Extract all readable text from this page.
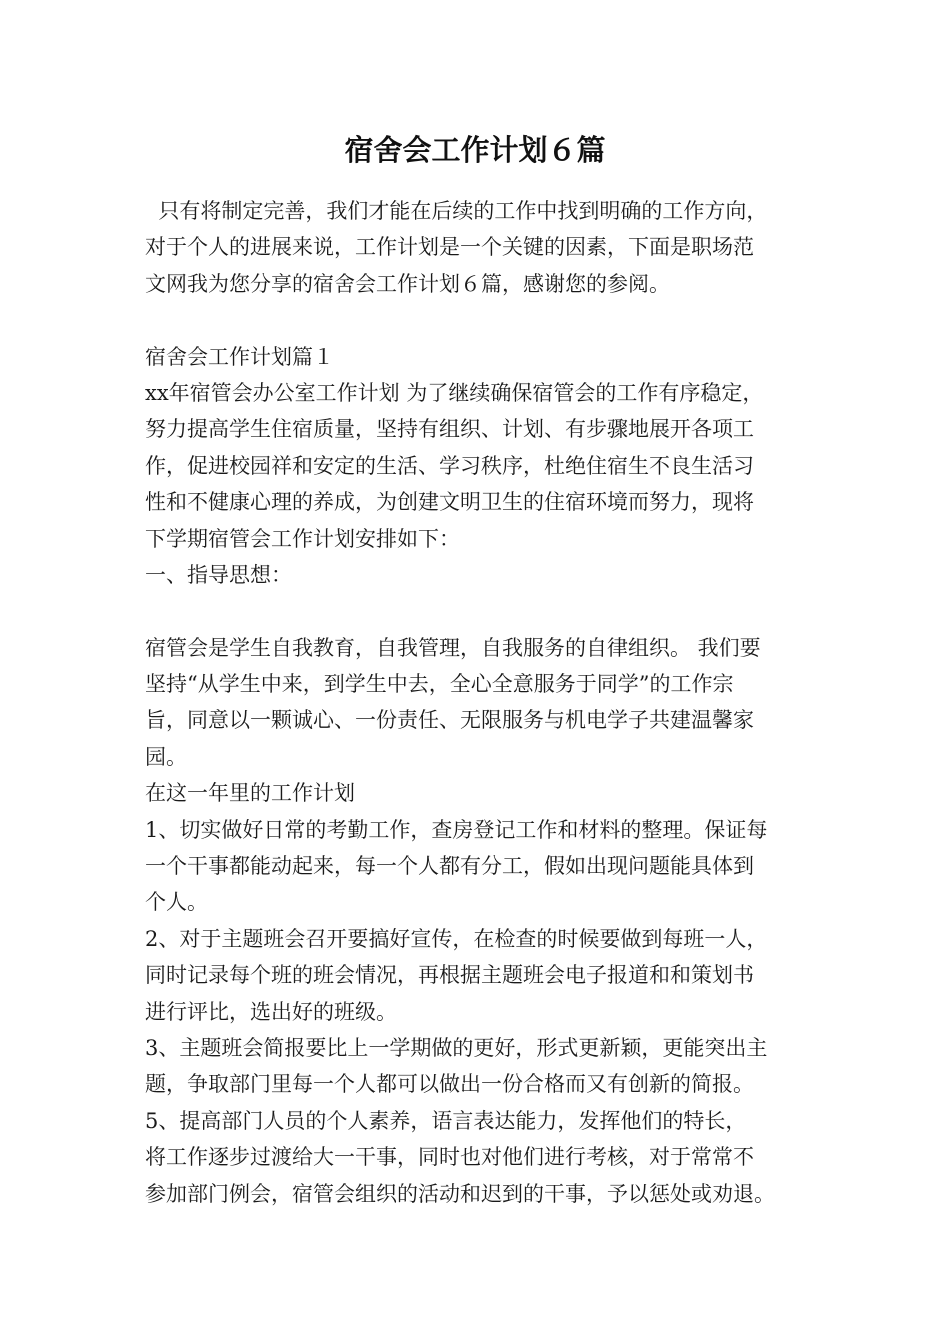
宿舍会工作计划６篇
只有将制定完善，我们才能在后续的工作中找到明确的工作方向，
对于个人的进展来说，工作计划是一个关键的因素，下面是职场范
文网我为您分享的宿舍会工作计划６篇，感谢您的参阅。
宿舍会工作计划篇１
xx年宿管会办公室工作计划 为了继续确保宿管会的工作有序稳定，
努力提高学生住宿质量，坚持有组织、计划、有步骤地展开各项工
作，促进校园祥和安定的生活、学习秩序，杜绝住宿生不良生活习
性和不健康心理的养成，为创建文明卫生的住宿环境而努力，现将
下学期宿管会工作计划安排如下：
一、指导思想：
宿管会是学生自我教育，自我管理，自我服务的自律组织。 我们要
坚持“从学生中来，到学生中去，全心全意服务于同学”的工作宗
旨，同意以一颗诚心、一份责任、无限服务与机电学子共建温馨家
园。
在这一年里的工作计划
1、切实做好日常的考勤工作，查房登记工作和材料的整理。保证每
一个干事都能动起来，每一个人都有分工，假如出现问题能具体到
个人。
2、对于主题班会召开要搞好宣传，在检查的时候要做到每班一人，
同时记录每个班的班会情况，再根据主题班会电子报道和和策划书
进行评比，选出好的班级。
3、主题班会简报要比上一学期做的更好，形式更新颖，更能突出主
题，争取部门里每一个人都可以做出一份合格而又有创新的简报。
5、提高部门人员的个人素养，语言表达能力，发挥他们的特长，
将工作逐步过渡给大一干事，同时也对他们进行考核，对于常常不
参加部门例会，宿管会组织的活动和迟到的干事，予以惩处或劝退。
